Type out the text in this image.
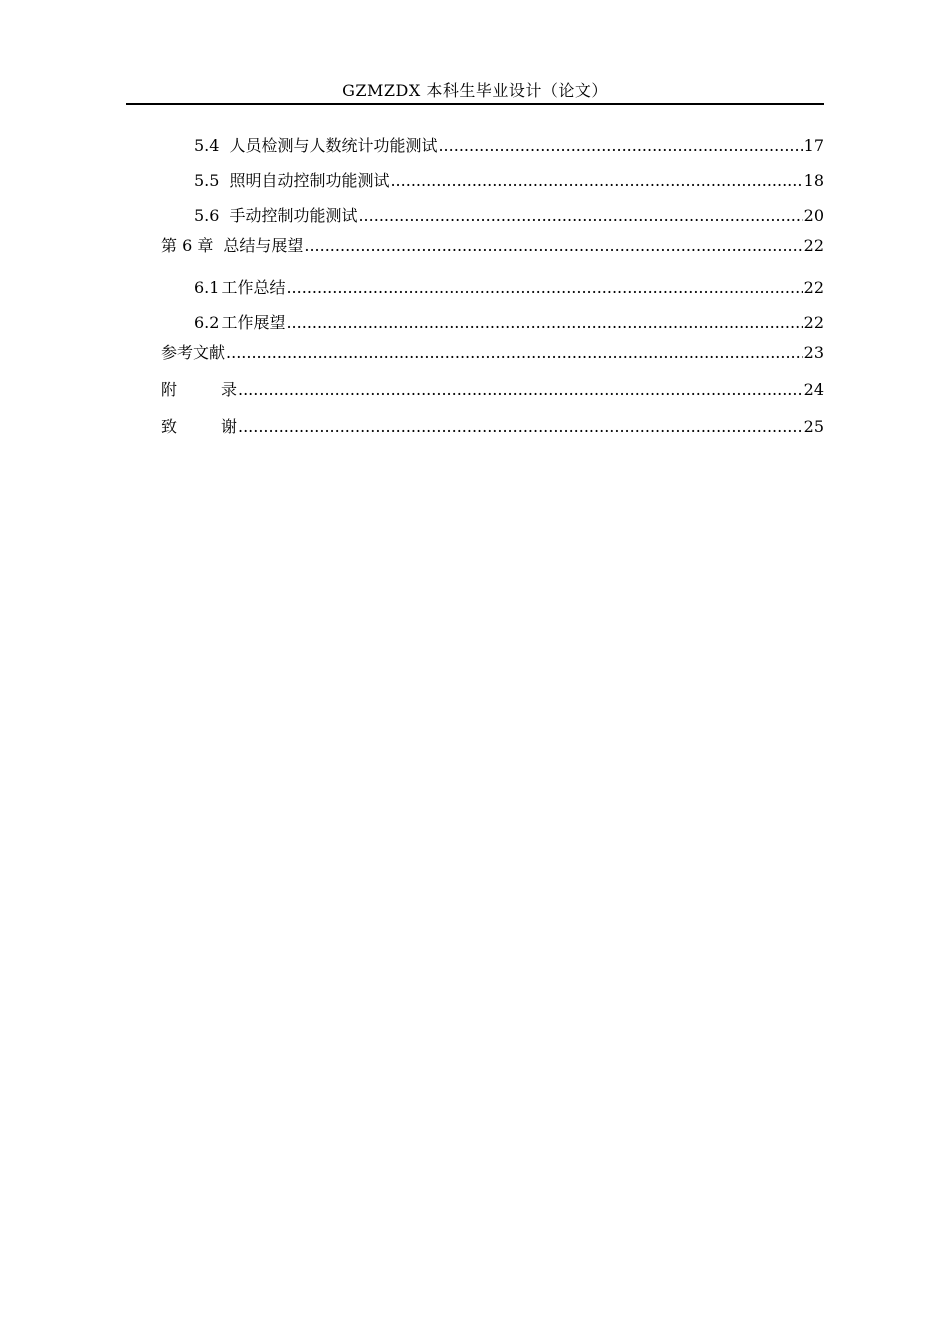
GZMZDX 本科生毕业设计（论文）
5.4 人员检测与人数统计功能测试 .....	17
5.5 照明自动控制功能测试 .....	18
5.6 手动控制功能测试 .....	20
第 6 章 总结与展望 .....	22
6.1 工作总结 .....	22
6.2 工作展望 .....	22
参考文献 .....	23
附　录 .....	24
致　谢 .....	25
